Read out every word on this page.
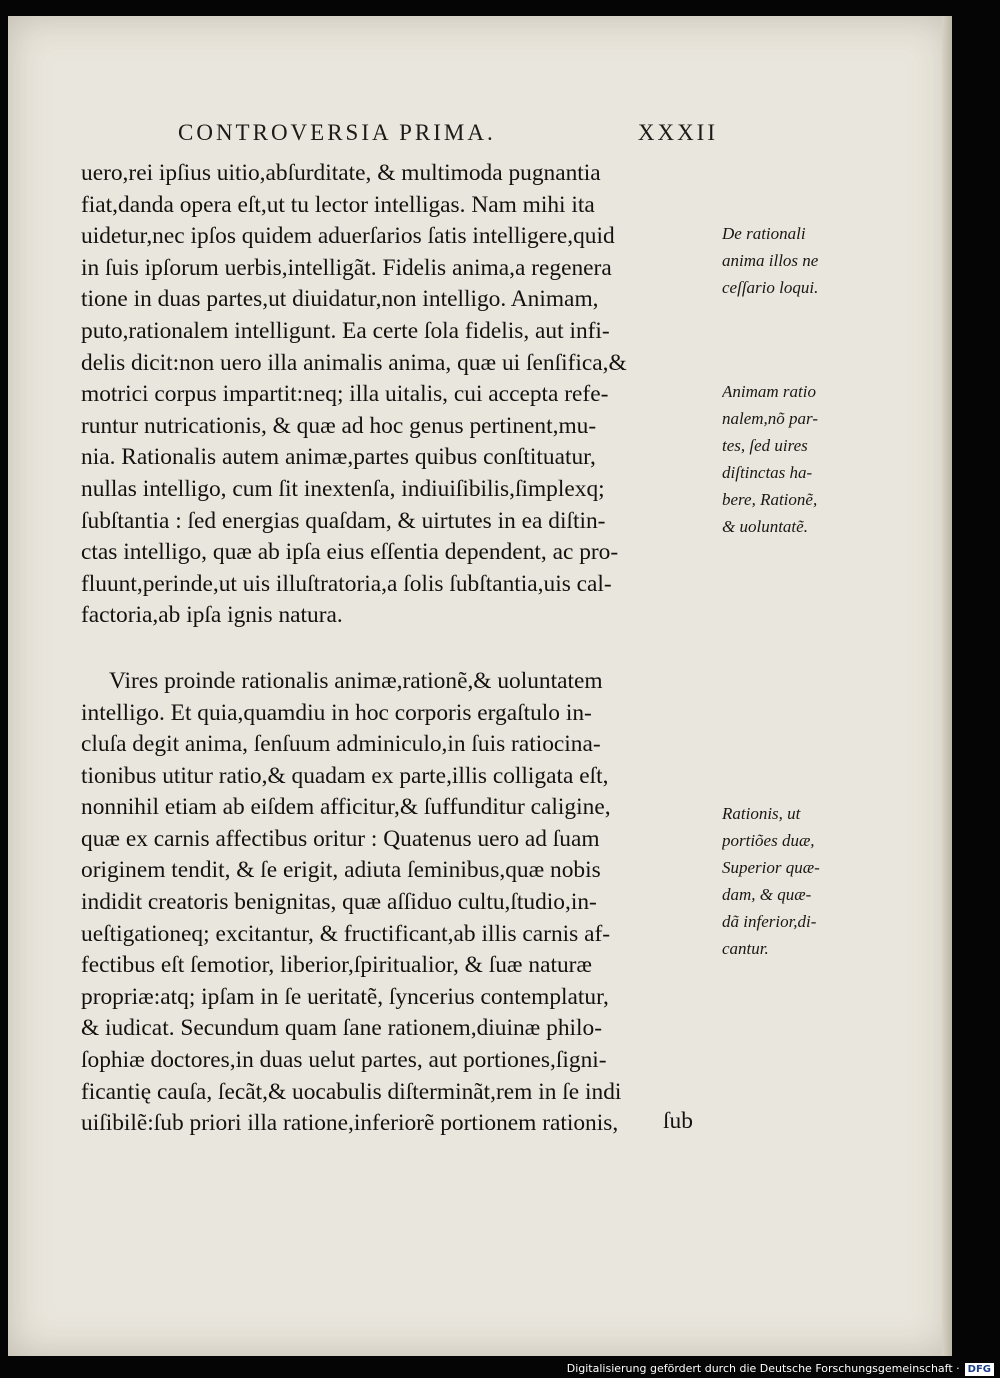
CONTROVERSIA PRIMA.	XXXII
uero,rei ipſius uitio,abſurditate, & multimoda pugnantia
fiat,danda opera eſt,ut tu lector intelligas. Nam mihi ita
uidetur,nec ipſos quidem aduerſarios ſatis intelligere,quid
in ſuis ipſorum uerbis,intelligãt. Fidelis anima,a regenera
tione in duas partes,ut diuidatur,non intelligo. Animam,
puto,rationalem intelligunt. Ea certe ſola fidelis, aut infi-
delis dicit:non uero illa animalis anima, quæ ui ſenſifica,&
motrici corpus impartit:neq; illa uitalis, cui accepta refe-
runtur nutricationis, & quæ ad hoc genus pertinent,mu-
nia. Rationalis autem animæ,partes quibus conſtituatur,
nullas intelligo, cum ſit inextenſa, indiuiſibilis,ſimplexq;
ſubſtantia : ſed energias quaſdam, & uirtutes in ea diſtin-
ctas intelligo, quæ ab ipſa eius eſſentia dependent, ac pro-
fluunt,perinde,ut uis illuſtratoria,a ſolis ſubſtantia,uis cal-
factoria,ab ipſa ignis natura.
Vires proinde rationalis animæ,rationẽ,& uoluntatem
intelligo. Et quia,quamdiu in hoc corporis ergaſtulo in-
cluſa degit anima, ſenſuum adminiculo,in ſuis ratiocina-
tionibus utitur ratio,& quadam ex parte,illis colligata eſt,
nonnihil etiam ab eiſdem afficitur,& ſuffunditur caligine,
quæ ex carnis affectibus oritur : Quatenus uero ad ſuam
originem tendit, & ſe erigit, adiuta ſeminibus,quæ nobis
indidit creatoris benignitas, quæ aſſiduo cultu,ſtudio,in-
ueſtigationeq; excitantur, & fructificant,ab illis carnis af-
fectibus eſt ſemotior, liberior,ſpiritualior, & ſuæ naturæ
propriæ:atq; ipſam in ſe ueritatẽ, ſyncerius contemplatur,
& iudicat. Secundum quam ſane rationem,diuinæ philo-
ſophiæ doctores,in duas uelut partes, aut portiones,ſigni-
ficantię cauſa, ſecãt,& uocabulis diſterminãt,rem in ſe indi
uiſibilẽ:ſub priori illa ratione,inferiorẽ portionem rationis,	ſub
De rationali
anima illos ne
ceſſario loqui.
Animam ratio
nalem,nõ par-
tes, ſed uires
diſtinctas ha-
bere, Rationẽ,
& uoluntatẽ.
Rationis, ut
portiões duæ,
Superior quæ-
dam, & quæ-
dã inferior,di-
cantur.
Digitalisierung gefördert durch die Deutsche Forschungsgemeinschaft · DFG
